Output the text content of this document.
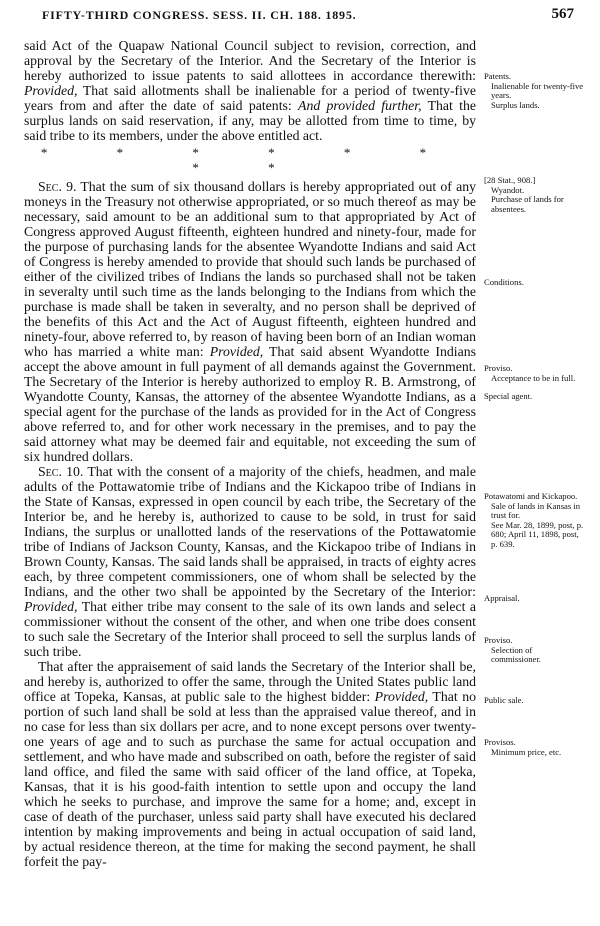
FIFTY-THIRD CONGRESS. SESS. II. CH. 188. 1895.	567

said Act of the Quapaw National Council subject to revision, correction, and approval by the Secretary of the Interior. And the Secretary of the Interior is hereby authorized to issue patents to said allottees in accordance therewith: Provided, That said allotments shall be inalienable for a period of twenty-five years from and after the date of said patents: And provided further, That the surplus lands on said reservation, if any, may be allotted from time to time, by said tribe to its members, under the above entitled act.

* * * * * * * *

Sec. 9. That the sum of six thousand dollars is hereby appropriated out of any moneys in the Treasury not otherwise appropriated, or so much thereof as may be necessary, said amount to be an additional sum to that appropriated by Act of Congress approved August fifteenth, eighteen hundred and ninety-four, made for the purpose of purchasing lands for the absentee Wyandotte Indians and said Act of Congress is hereby amended to provide that should such lands be purchased of either of the civilized tribes of Indians the lands so purchased shall not be taken in severalty until such time as the lands belonging to the Indians from which the purchase is made shall be taken in severalty, and no person shall be deprived of the benefits of this Act and the Act of August fifteenth, eighteen hundred and ninety-four, above referred to, by reason of having been born of an Indian woman who has married a white man: Provided, That said absent Wyandotte Indians accept the above amount in full payment of all demands against the Government. The Secretary of the Interior is hereby authorized to employ R. B. Armstrong, of Wyandotte County, Kansas, the attorney of the absentee Wyandotte Indians, as a special agent for the purchase of the lands as provided for in the Act of Congress above referred to, and for other work necessary in the premises, and to pay the said attorney what may be deemed fair and equitable, not exceeding the sum of six hundred dollars.

Sec. 10. That with the consent of a majority of the chiefs, headmen, and male adults of the Pottawatomie tribe of Indians and the Kickapoo tribe of Indians in the State of Kansas, expressed in open council by each tribe, the Secretary of the Interior be, and he hereby is, authorized to cause to be sold, in trust for said Indians, the surplus or unallotted lands of the reservations of the Pottawatomie tribe of Indians of Jackson County, Kansas, and the Kickapoo tribe of Indians in Brown County, Kansas. The said lands shall be appraised, in tracts of eighty acres each, by three competent commissioners, one of whom shall be selected by the Indians, and the other two shall be appointed by the Secretary of the Interior: Provided, That either tribe may consent to the sale of its own lands and select a commissioner without the consent of the other, and when one tribe does consent to such sale the Secretary of the Interior shall proceed to sell the surplus lands of such tribe.

That after the appraisement of said lands the Secretary of the Interior shall be, and hereby is, authorized to offer the same, through the United States public land office at Topeka, Kansas, at public sale to the highest bidder: Provided, That no portion of such land shall be sold at less than the appraised value thereof, and in no case for less than six dollars per acre, and to none except persons over twenty-one years of age and to such as purchase the same for actual occupation and settlement, and who have made and subscribed on oath, before the register of said land office, and filed the same with said officer of the land office, at Topeka, Kansas, that it is his good-faith intention to settle upon and occupy the land which he seeks to purchase, and improve the same for a home; and, except in case of death of the purchaser, unless said party shall have executed his declared intention by making improvements and being in actual occupation of said land, by actual residence thereon, at the time for making the second payment, he shall forfeit the pay-

Patents.
Inalienable for twenty-five years.
Surplus lands.
[28 Stat., 908.]
Wyandot.
Purchase of lands for absentees.
Conditions.
Proviso.
Acceptance to be in full.
Special agent.
Potawatomi and Kickapoo.
Sale of lands in Kansas in trust for.
See Mar. 28, 1899, post, p. 680; April 11, 1898, post, p. 639.
Appraisal.
Proviso.
Selection of commissioner.
Public sale.
Provisos.
Minimum price, etc.
